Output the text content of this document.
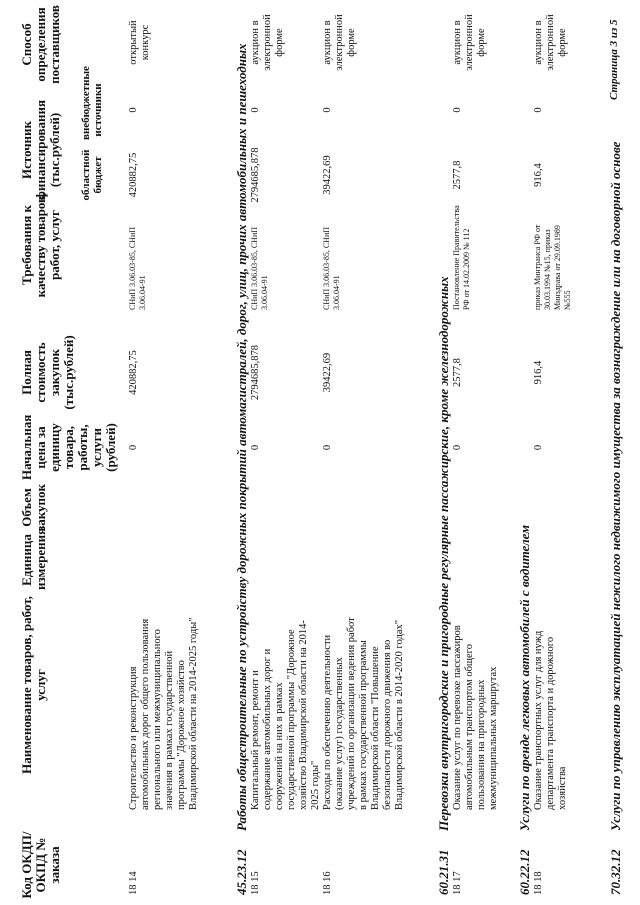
Код ОКДП/ ОКПД № заказа
Наименование товаров, работ, услуг
Единица измерения
Объем закупок
Начальная цена за единицу товара, работы, услуги (рублей)
Полная стоимость закупок (тыс.рублей)
Требования к качеству товаров, работ, услуг
Источник финансирования (тыс.рублей) областной бюджет
внебюджетные источники
Способ определения поставщиков
18 14
Строительство и реконструкция автомобильных дорог общего пользования регионального или межмуниципального значения в рамках государственной программы "Дорожное хозяйство Владимирской области на 2014-2025 годы"
0
420882,75
СНиП 3.06.03-85, СНиП 3.06.04-91
420882,75
0
открытый конкурс
45.23.12
Работы общестроительные по устройству дорожных покрытий автомагистралей, дорог, улиц, прочих автомобильных и пешеходных
18 15
Капитальный ремонт, ремонт и содержание автомобильных дорог и сооружений на них в рамках государственной программы "Дорожное хозяйство Владимирской области на 2014-2025 годы"
0
2794685,878
СНиП 3.06.03-85, СНиП 3.06.04-91
2794685,878
0
аукцион в электронной форме
18 16
Расходы по обеспечению деятельности (оказание услуг) государственных учреждений по организации ведения работ в рамках государственной программы Владимирской области "Повышение безопасности дорожного движения во Владимирской области в 2014-2020 годах"
0
39422,69
СНиП 3.06.03-85, СНиП 3.06.04-91
39422,69
0
аукцион в электронной форме
60.21.31
Перевозки внутригородские и пригородные регулярные пассажирские, кроме железнодорожных
18 17
Оказание услуг по перевозке пассажиров автомобильным транспортом общего пользования на пригородных межмуниципальных маршрутах
0
2577,8
Постановление Правительства РФ от 14.02.2009 № 112
2577,8
0
аукцион в электронной форме
60.22.12
Услуги по аренде легковых автомобилей с водителем
18 18
Оказание транспортных услуг для нужд департамента транспорта и дорожного хозяйства
0
916,4
приказ Минтранса РФ от 30.03.1994 №15, приказ Минздрава от 29.09.1989 №555
916,4
0
аукцион в электронной форме
70.32.12
Услуги по управлению эксплуатацией нежилого недвижимого имущества за вознаграждение или на договорной основе
Страница 3 из 5
